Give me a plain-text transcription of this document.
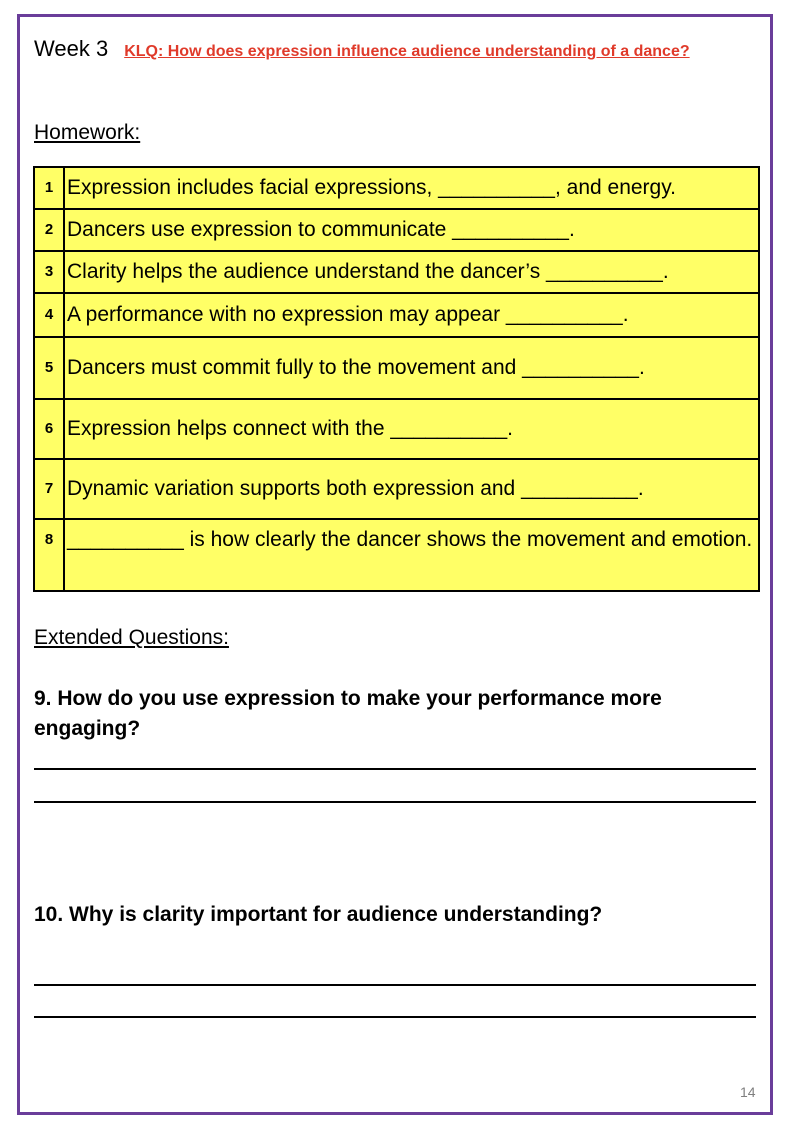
Week 3 KLQ: How does expression influence audience understanding of a dance?
Homework:
1	Expression includes facial expressions, __________, and energy.
2	Dancers use expression to communicate __________.
3	Clarity helps the audience understand the dancer’s __________.
4	A performance with no expression may appear __________.
5	Dancers must commit fully to the movement and __________.
6	Expression helps connect with the __________.
7	Dynamic variation supports both expression and __________.
8	__________ is how clearly the dancer shows the movement and emotion.
Extended Questions:
9. How do you use expression to make your performance more engaging?
10. Why is clarity important for audience understanding?
14
